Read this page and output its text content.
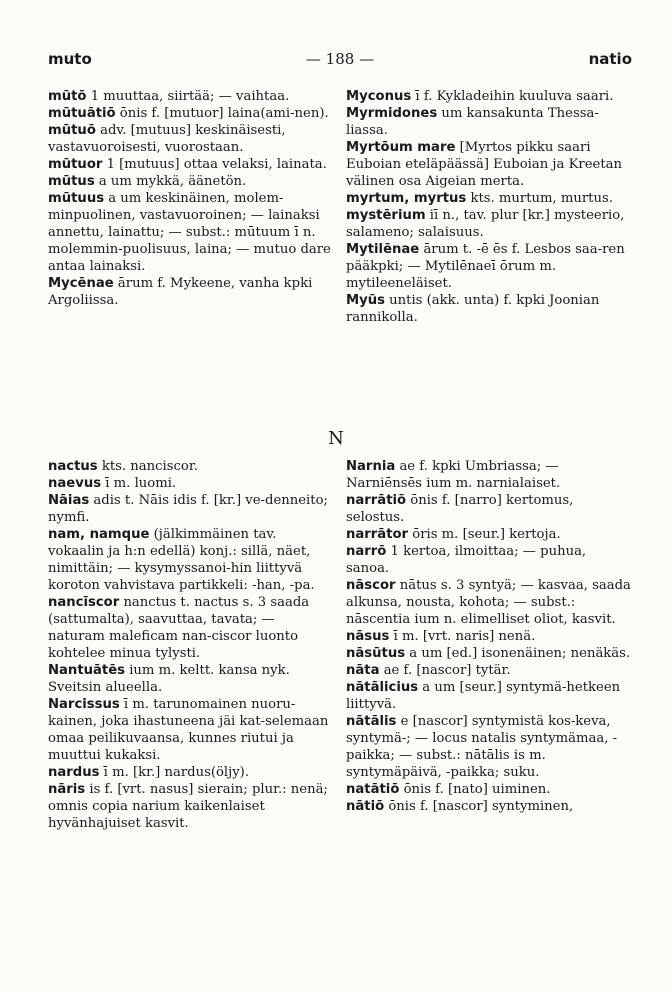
muto	— 188 —	natio

mūtō 1 muuttaa, siirtää; — vaihtaa.

mūtuātiō ōnis f. [mutuor] laina(ami-nen).

mūtuō adv. [mutuus] keskinäisesti, vastavuoroisesti, vuorostaan.

mūtuor 1 [mutuus] ottaa velaksi, lainata.

mūtus a um mykkä, äänetön.

mūtuus a um keskinäinen, molem-minpuolinen, vastavuoroinen; — lainaksi annettu, lainattu; — subst.: mūtuum ī n. molemmin-puolisuus, laina; — mutuo dare antaa lainaksi.

Mycēnae ārum f. Mykeene, vanha kpki Argoliissa.

Myconus ī f. Kykladeihin kuuluva saari.

Myrmidones um kansakunta Thessa-liassa.

Myrtōum mare [Myrtos pikku saari Euboian eteläpäässä] Euboian ja Kreetan välinen osa Aigeian merta.

myrtum, myrtus kts. murtum, murtus.

mystērium iī n., tav. plur [kr.] mysteerio, salameno; salaisuus.

Mytilēnae ārum t. -ē ēs f. Lesbos saa-ren pääkpki; — Mytilēnaeī ōrum m. mytileeneläiset.

Myūs untis (akk. unta) f. kpki Joonian rannikolla.

N

nactus kts. nanciscor.

naevus ī m. luomi.

Nāias adis t. Nāis idis f. [kr.] ve-denneito; nymfi.

nam, namque (jälkimmäinen tav. vokaalin ja h:n edellä) konj.: sillä, näet, nimittäin; — kysymyssanoi-hin liittyvä koroton vahvistava partikkeli: -han, -pa.

nancīscor nanctus t. nactus s. 3 saada (sattumalta), saavuttaa, tavata; — naturam maleficam nan-ciscor luonto kohtelee minua tylysti.

Nantuātēs ium m. keltt. kansa nyk. Sveitsin alueella.

Narcissus ī m. tarunomainen nuoru-kainen, joka ihastuneena jäi kat-selemaan omaa peilikuvaansa, kunnes riutui ja muuttui kukaksi.

nardus ī m. [kr.] nardus(öljy).

nāris is f. [vrt. nasus] sierain; plur.: nenä; omnis copia narium kaikenlaiset hyvänhajuiset kasvit.

Narnia ae f. kpki Umbriassa; — Narniēnsēs ium m. narnialaiset.

narrātiō ōnis f. [narro] kertomus, selostus.

narrātor ōris m. [seur.] kertoja.

narrō 1 kertoa, ilmoittaa; — puhua, sanoa.

nāscor nātus s. 3 syntyä; — kasvaa, saada alkunsa, nousta, kohota; — subst.: nāscentia ium n. elimelliset oliot, kasvit.

nāsus ī m. [vrt. naris] nenä.

nāsūtus a um [ed.] isonenäinen; nenäkäs.

nāta ae f. [nascor] tytär.

nātālicius a um [seur.] syntymä-hetkeen liittyvä.

nātālis e [nascor] syntymistä kos-keva, syntymä-; — locus natalis syntymämaa, -paikka; — subst.: nātālis is m. syntymäpäivä, -paikka; suku.

natātiō ōnis f. [nato] uiminen.

nātiō ōnis f. [nascor] syntyminen,
